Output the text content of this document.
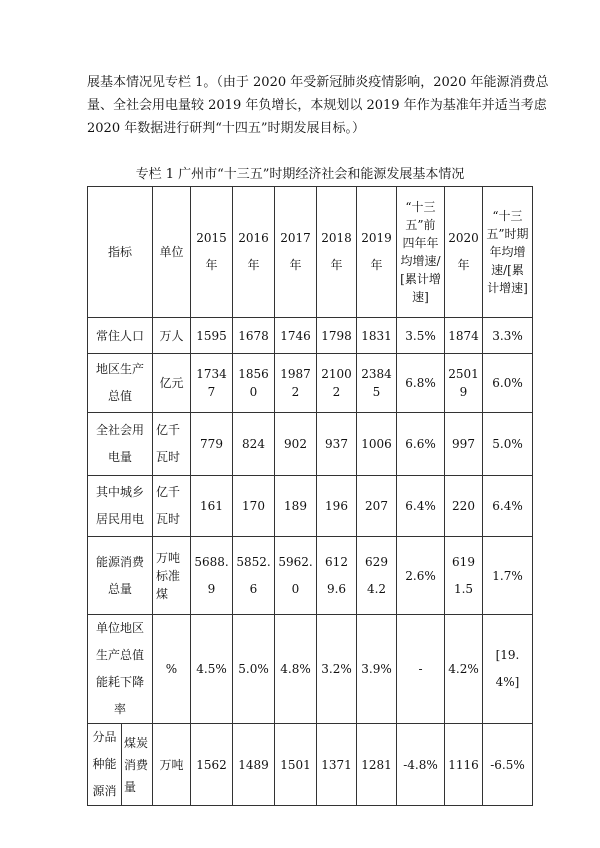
展基本情况见专栏 1。（由于 2020 年受新冠肺炎疫情影响，2020 年能源消费总
量、全社会用电量较 2019 年负增长，本规划以 2019 年作为基准年并适当考虑
2020 年数据进行研判“十四五”时期发展目标。）
专栏 1 广州市“十三五”时期经济社会和能源发展基本情况
指标		单位	2015年	2016年	2017年	2018年	2019年	“十三五”前四年年均增速/[累计增速]	2020年	“十三五”时期年均增速/[累计增速]
常住人口		万人	1595	1678	1746	1798	1831	3.5%	1874	3.3%
地区生产总值		亿元	17347	18560	19872	21002	23845	6.8%	25019	6.0%
全社会用电量		亿千瓦时	779	824	902	937	1006	6.6%	997	5.0%
其中城乡居民用电		亿千瓦时	161	170	189	196	207	6.4%	220	6.4%
能源消费总量		万吨标准煤	5688.9	5852.6	5962.0	6129.6	6294.2	2.6%	6191.5	1.7%
单位地区生产总值能耗下降率		%	4.5%	5.0%	4.8%	3.2%	3.9%	-	4.2%	[19.4%]
分品种能源消	煤炭消费量	万吨	1562	1489	1501	1371	1281	-4.8%	1116	-6.5%
